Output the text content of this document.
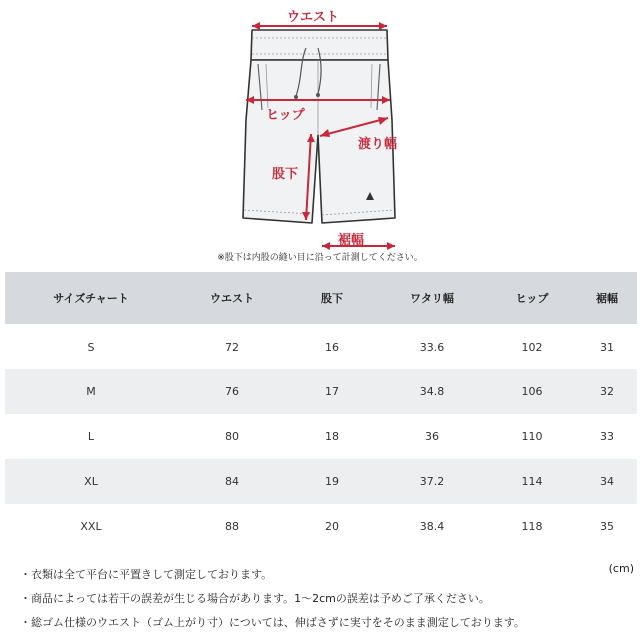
ウエスト
ヒップ
渡り幅
股下
裾幅
※股下は内股の縫い目に沿って計測してください。
サイズチャート	ウエスト	股下	ワタリ幅	ヒップ	裾幅
S	72	16	33.6	102	31
M	76	17	34.8	106	32
L	80	18	36	110	33
XL	84	19	37.2	114	34
XXL	88	20	38.4	118	35
(cm)
・衣類は全て平台に平置きして測定しております。
・商品によっては若干の誤差が生じる場合があります。1～2cmの誤差は予めご了承ください。
・総ゴム仕様のウエスト（ゴム上がり寸）については、伸ばさずに実寸をそのまま測定しております。
